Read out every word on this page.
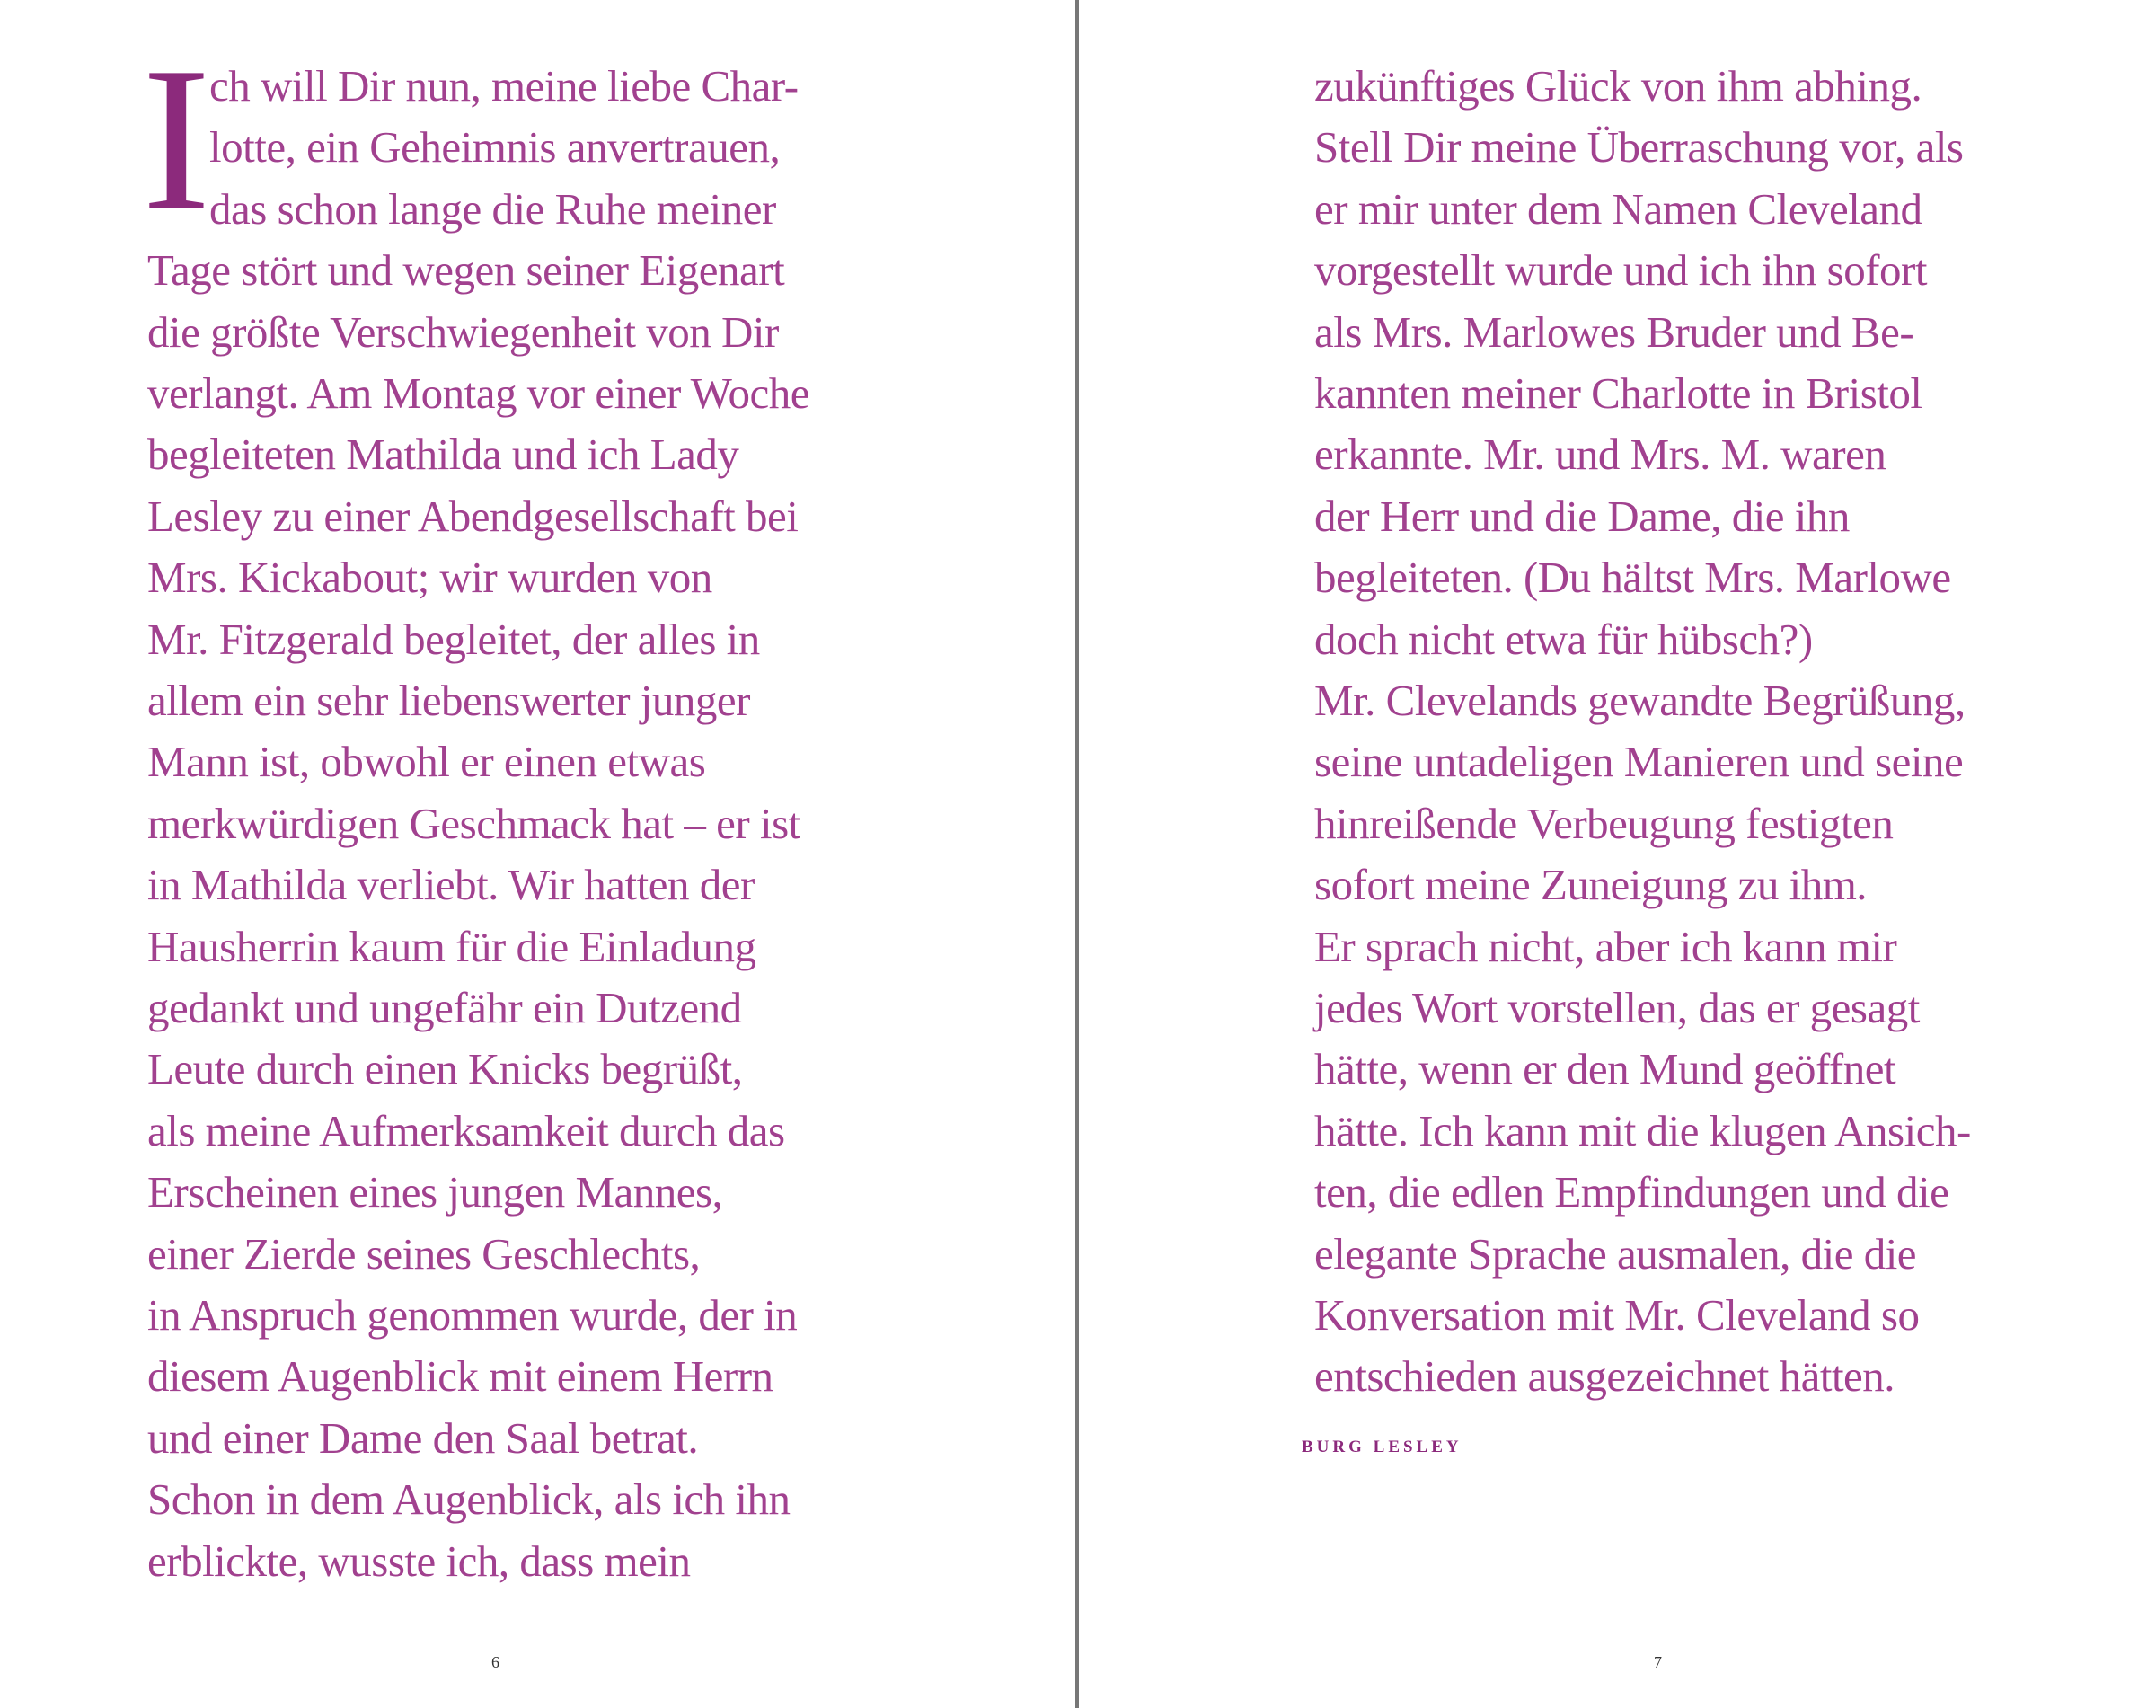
I
ch will Dir nun, meine liebe Char-
lotte, ein Geheimnis anvertrauen,
das schon lange die Ruhe meiner
Tage stört und wegen seiner Eigenart
die größte Verschwiegenheit von Dir
verlangt. Am Montag vor einer Woche
begleiteten Mathilda und ich Lady
Lesley zu einer Abendgesellschaft bei
Mrs. Kickabout; wir wurden von
Mr. Fitzgerald begleitet, der alles in
allem ein sehr liebenswerter junger
Mann ist, obwohl er einen etwas
merkwürdigen Geschmack hat – er ist
in Mathilda verliebt. Wir hatten der
Hausherrin kaum für die Einladung
gedankt und ungefähr ein Dutzend
Leute durch einen Knicks begrüßt,
als meine Aufmerksamkeit durch das
Erscheinen eines jungen Mannes,
einer Zierde seines Geschlechts,
in Anspruch genommen wurde, der in
diesem Augenblick mit einem Herrn
und einer Dame den Saal betrat.
Schon in dem Augenblick, als ich ihn
erblickte, wusste ich, dass mein
6
zukünftiges Glück von ihm abhing.
Stell Dir meine Überraschung vor, als
er mir unter dem Namen Cleveland
vorgestellt wurde und ich ihn sofort
als Mrs. Marlowes Bruder und Be-
kannten meiner Charlotte in Bristol
erkannte. Mr. und Mrs. M. waren
der Herr und die Dame, die ihn
begleiteten. (Du hältst Mrs. Marlowe
doch nicht etwa für hübsch?)
Mr. Clevelands gewandte Begrüßung,
seine untadeligen Manieren und seine
hinreißende Verbeugung festigten
sofort meine Zuneigung zu ihm.
Er sprach nicht, aber ich kann mir
jedes Wort vorstellen, das er gesagt
hätte, wenn er den Mund geöffnet
hätte. Ich kann mit die klugen Ansich-
ten, die edlen Empfindungen und die
elegante Sprache ausmalen, die die
Konversation mit Mr. Cleveland so
entschieden ausgezeichnet hätten.
BURG LESLEY
7
